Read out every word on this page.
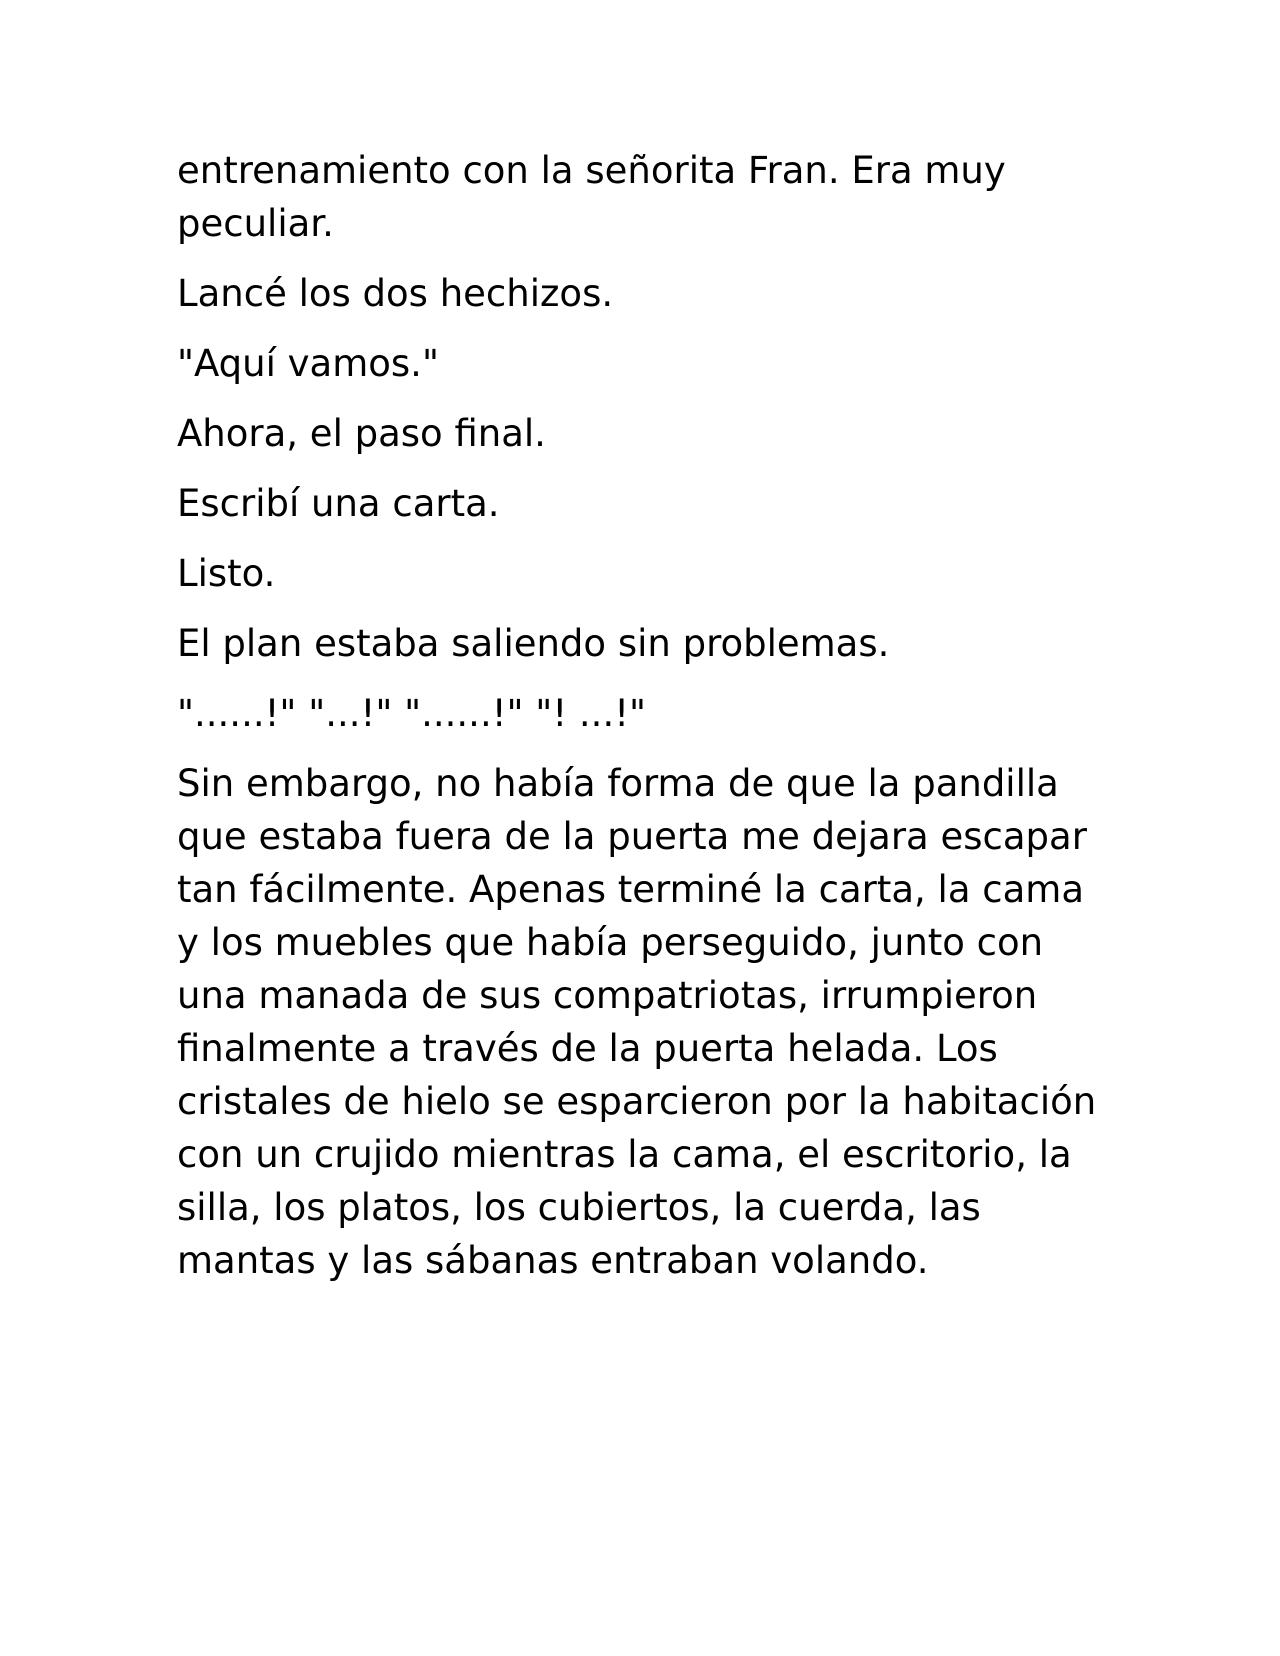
entrenamiento con la señorita Fran. Era muy peculiar.

Lancé los dos hechizos.

"Aquí vamos."

Ahora, el paso final.

Escribí una carta.

Listo.

El plan estaba saliendo sin problemas.

"......!" "...!" "......!" "! ...!"

Sin embargo, no había forma de que la pandilla que estaba fuera de la puerta me dejara escapar tan fácilmente. Apenas terminé la carta, la cama y los muebles que había perseguido, junto con una manada de sus compatriotas, irrumpieron finalmente a través de la puerta helada. Los cristales de hielo se esparcieron por la habitación con un crujido mientras la cama, el escritorio, la silla, los platos, los cubiertos, la cuerda, las mantas y las sábanas entraban volando.
